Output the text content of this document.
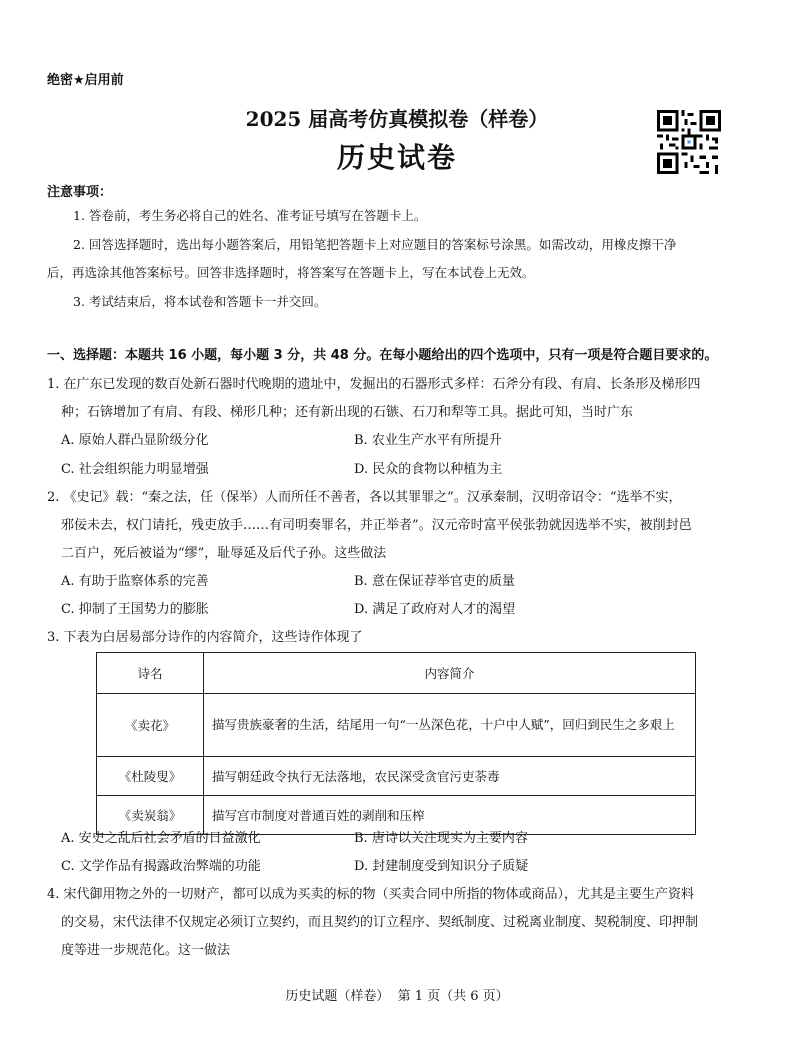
绝密★启用前
2025 届高考仿真模拟卷（样卷）
历史试卷
注意事项：
1. 答卷前，考生务必将自己的姓名、准考证号填写在答题卡上。
2. 回答选择题时，选出每小题答案后，用铅笔把答题卡上对应题目的答案标号涂黑。如需改动，用橡皮擦干净
后，再选涂其他答案标号。回答非选择题时，将答案写在答题卡上，写在本试卷上无效。
3. 考试结束后，将本试卷和答题卡一并交回。
一、选择题：本题共 16 小题，每小题 3 分，共 48 分。在每小题给出的四个选项中，只有一项是符合题目要求的。
1. 在广东已发现的数百处新石器时代晚期的遗址中，发掘出的石器形式多样：石斧分有段、有肩、长条形及梯形四
种；石锛增加了有肩、有段、梯形几种；还有新出现的石镞、石刀和犁等工具。据此可知，当时广东
A. 原始人群凸显阶级分化	B. 农业生产水平有所提升
C. 社会组织能力明显增强	D. 民众的食物以种植为主
2. 《史记》载：“秦之法，任（保举）人而所任不善者，各以其罪罪之”。汉承秦制，汉明帝诏令：“选举不实，
邪佞未去，权门请托，残吏放手……有司明奏罪名，并正举者”。汉元帝时富平侯张勃就因选举不实，被削封邑
二百户，死后被谥为“缪”，耻辱延及后代子孙。这些做法
A. 有助于监察体系的完善	B. 意在保证荐举官吏的质量
C. 抑制了王国势力的膨胀	D. 满足了政府对人才的渴望
3. 下表为白居易部分诗作的内容简介，这些诗作体现了
诗名	内容简介
《卖花》	描写贵族豪奢的生活，结尾用一句“一丛深色花，十户中人赋”，回归到民生之多艰上
《杜陵叟》	描写朝廷政令执行无法落地，农民深受贪官污吏荼毒
《卖炭翁》	描写宫市制度对普通百姓的剥削和压榨
A. 安史之乱后社会矛盾的日益激化	B. 唐诗以关注现实为主要内容
C. 文学作品有揭露政治弊端的功能	D. 封建制度受到知识分子质疑
4. 宋代御用物之外的一切财产，都可以成为买卖的标的物（买卖合同中所指的物体或商品），尤其是主要生产资料
的交易，宋代法律不仅规定必须订立契约，而且契约的订立程序、契纸制度、过税离业制度、契税制度、印押制
度等进一步规范化。这一做法
历史试题（样卷）  第 1 页（共 6 页）
